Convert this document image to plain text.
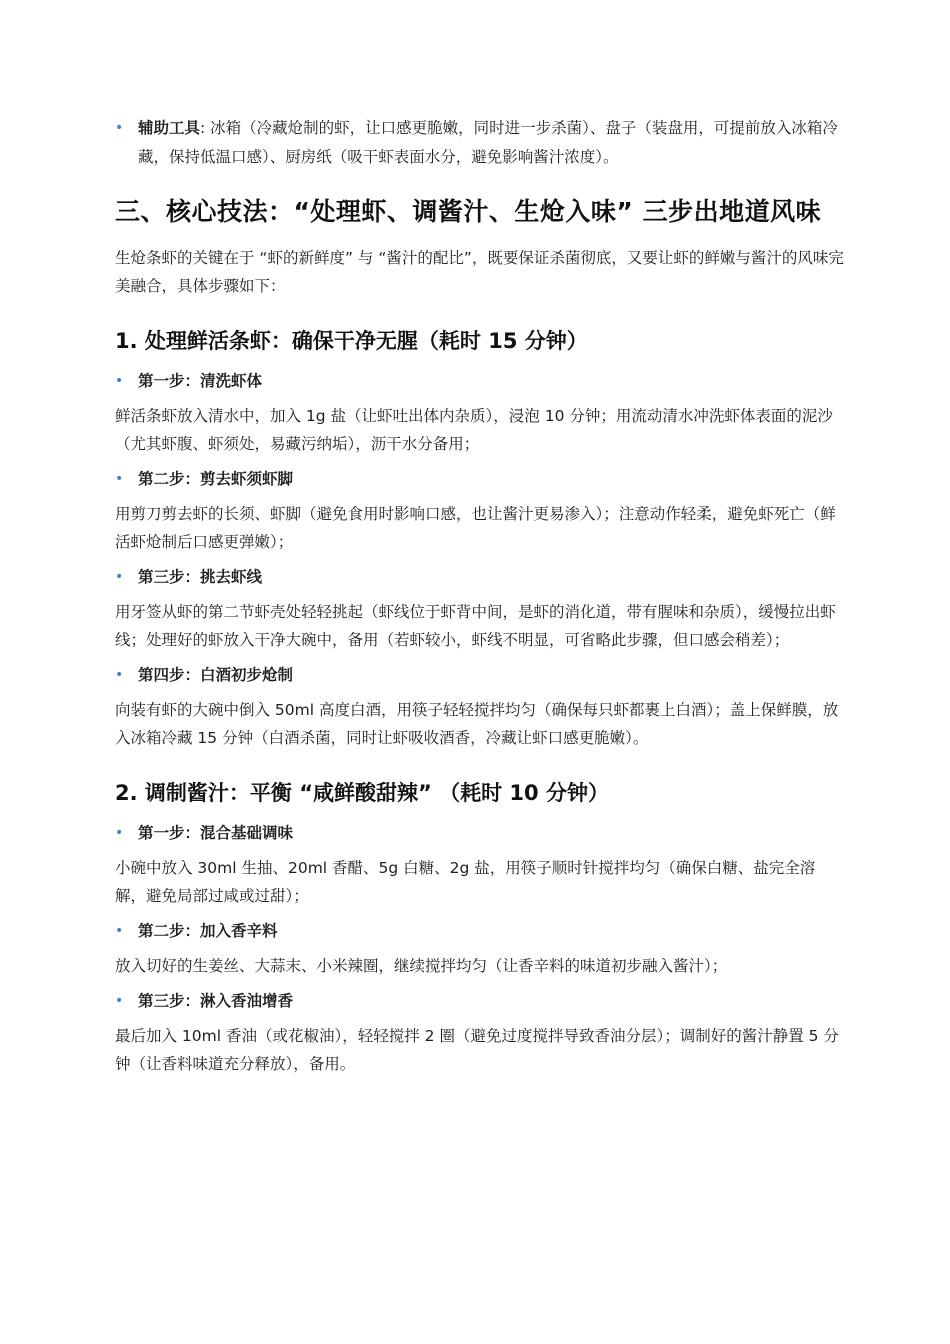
• 辅助工具: 冰箱（冷藏炝制的虾，让口感更脆嫩，同时进一步杀菌）、盘子（装盘用，可提前放入冰箱冷藏，保持低温口感）、厨房纸（吸干虾表面水分，避免影响酱汁浓度）。
三、核心技法：“处理虾、调酱汁、生炝入味” 三步出地道风味
生炝条虾的关键在于 “虾的新鲜度” 与 “酱汁的配比”，既要保证杀菌彻底，又要让虾的鲜嫩与酱汁的风味完美融合，具体步骤如下：
1. 处理鲜活条虾：确保干净无腥（耗时 15 分钟）
• 第一步：清洗虾体
鲜活条虾放入清水中，加入 1g 盐（让虾吐出体内杂质），浸泡 10 分钟；用流动清水冲洗虾体表面的泥沙（尤其虾腹、虾须处，易藏污纳垢），沥干水分备用；
• 第二步：剪去虾须虾脚
用剪刀剪去虾的长须、虾脚（避免食用时影响口感，也让酱汁更易渗入）；注意动作轻柔，避免虾死亡（鲜活虾炝制后口感更弹嫩）；
• 第三步：挑去虾线
用牙签从虾的第二节虾壳处轻轻挑起（虾线位于虾背中间，是虾的消化道，带有腥味和杂质），缓慢拉出虾线；处理好的虾放入干净大碗中，备用（若虾较小，虾线不明显，可省略此步骤，但口感会稍差）；
• 第四步：白酒初步炝制
向装有虾的大碗中倒入 50ml 高度白酒，用筷子轻轻搅拌均匀（确保每只虾都裹上白酒）；盖上保鲜膜，放入冰箱冷藏 15 分钟（白酒杀菌，同时让虾吸收酒香，冷藏让虾口感更脆嫩）。
2. 调制酱汁：平衡 “咸鲜酸甜辣” （耗时 10 分钟）
• 第一步：混合基础调味
小碗中放入 30ml 生抽、20ml 香醋、5g 白糖、2g 盐，用筷子顺时针搅拌均匀（确保白糖、盐完全溶解，避免局部过咸或过甜）；
• 第二步：加入香辛料
放入切好的生姜丝、大蒜末、小米辣圈，继续搅拌均匀（让香辛料的味道初步融入酱汁）；
• 第三步：淋入香油增香
最后加入 10ml 香油（或花椒油），轻轻搅拌 2 圈（避免过度搅拌导致香油分层）；调制好的酱汁静置 5 分钟（让香料味道充分释放），备用。
